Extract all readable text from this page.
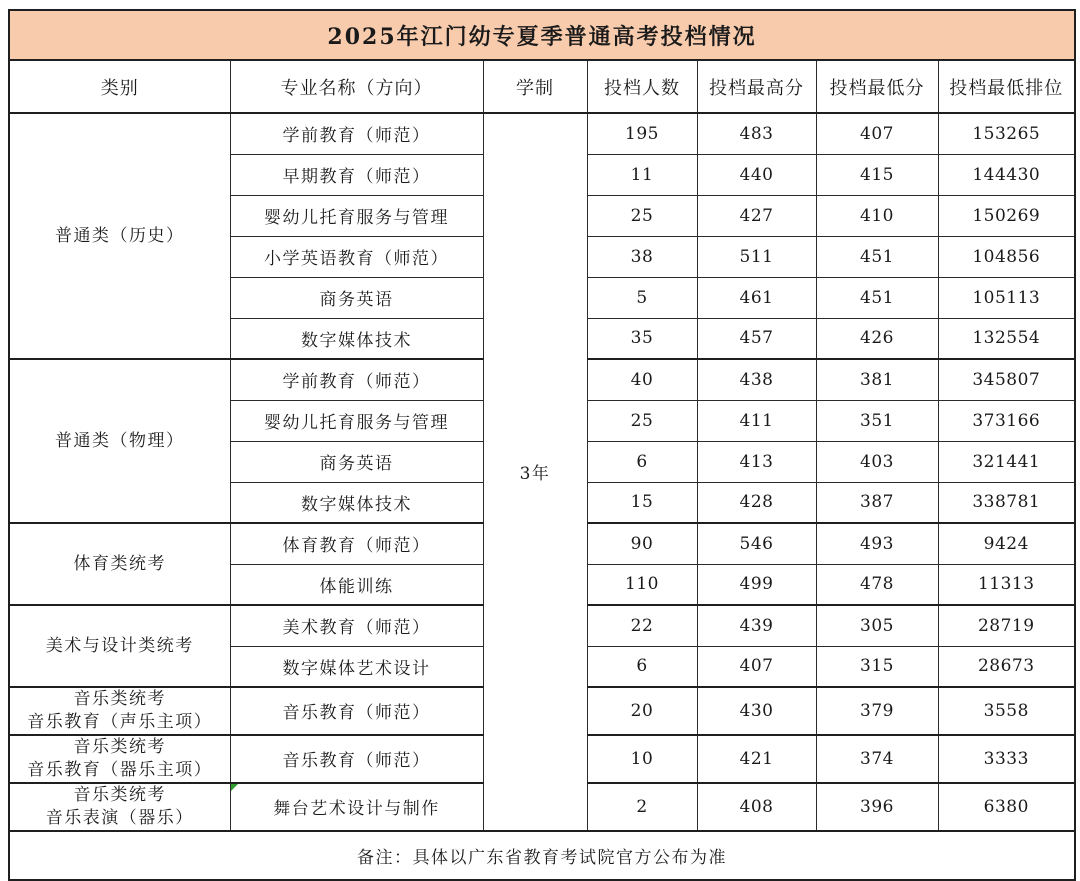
2025年江门幼专夏季普通高考投档情况						
类别	专业名称（方向）	学制	投档人数	投档最高分	投档最低分	投档最低排位

普通类（历史）	学前教育（师范）	3年	195	483	407	153265
	早期教育（师范）		11	440	415	144430
	婴幼儿托育服务与管理		25	427	410	150269
	小学英语教育（师范）		38	511	451	104856
	商务英语		5	461	451	105113
	数字媒体技术		35	457	426	132554

普通类（物理）	学前教育（师范）		40	438	381	345807
	婴幼儿托育服务与管理		25	411	351	373166
	商务英语		6	413	403	321441
	数字媒体技术		15	428	387	338781

体育类统考	体育教育（师范）		90	546	493	9424
	体能训练		110	499	478	11313

美术与设计类统考	美术教育（师范）		22	439	305	28719
	数字媒体艺术设计		6	407	315	28673

音乐类统考
音乐教育（声乐主项）	音乐教育（师范）		20	430	379	3558

音乐类统考
音乐教育（器乐主项）	音乐教育（师范）		10	421	374	3333

音乐类统考
音乐表演（器乐）	舞台艺术设计与制作		2	408	396	6380
备注：具体以广东省教育考试院官方公布为准						
